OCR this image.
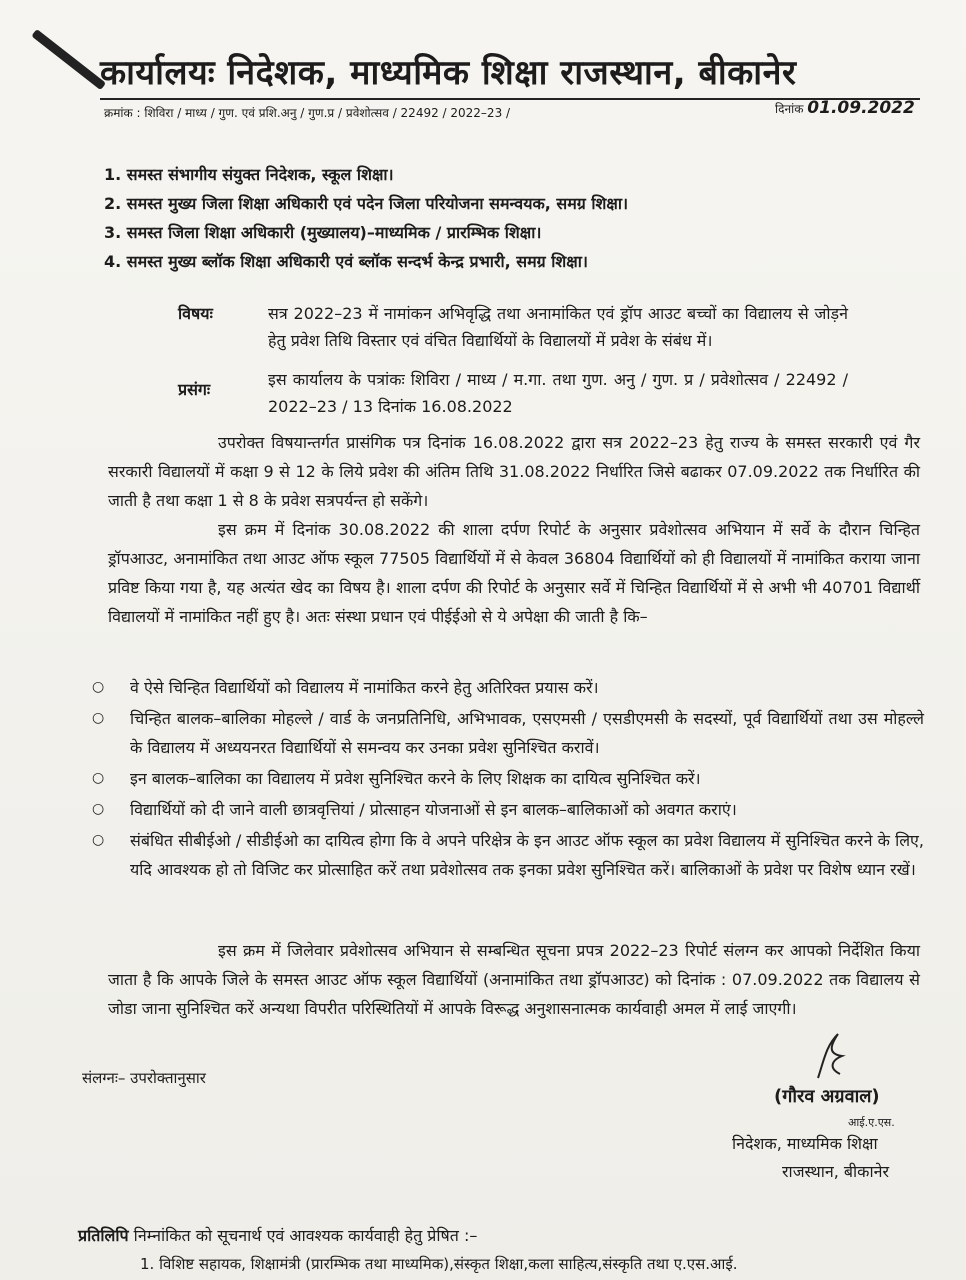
कार्यालयः निदेशक, माध्यमिक शिक्षा राजस्थान, बीकानेर
क्रमांक : शिविरा / माध्य / गुण. एवं प्रशि.अनु / गुण.प्र / प्रवेशोत्सव / 22492 / 2022–23 /	दिनांक 01.09.2022
1. समस्त संभागीय संयुक्त निदेशक, स्कूल शिक्षा।
2. समस्त मुख्य जिला शिक्षा अधिकारी एवं पदेन जिला परियोजना समन्वयक, समग्र शिक्षा।
3. समस्त जिला शिक्षा अधिकारी (मुख्यालय)–माध्यमिक / प्रारम्भिक शिक्षा।
4. समस्त मुख्य ब्लॉक शिक्षा अधिकारी एवं ब्लॉक सन्दर्भ केन्द्र प्रभारी, समग्र शिक्षा।
विषयः	सत्र 2022–23 में नामांकन अभिवृद्धि तथा अनामांकित एवं ड्रॉप आउट बच्चों का विद्यालय से जोड़ने हेतु प्रवेश तिथि विस्तार एवं वंचित विद्यार्थियों के विद्यालयों में प्रवेश के संबंध में।
प्रसंगः
इस कार्यालय के पत्रांकः शिविरा / माध्य / म.गा. तथा गुण. अनु / गुण. प्र / प्रवेशोत्सव / 22492 / 2022–23 / 13 दिनांक 16.08.2022

उपरोक्त विषयान्तर्गत प्रासंगिक पत्र दिनांक 16.08.2022 द्वारा सत्र 2022–23 हेतु राज्य के समस्त सरकारी एवं गैर सरकारी विद्यालयों में कक्षा 9 से 12 के लिये प्रवेश की अंतिम तिथि 31.08.2022 निर्धारित जिसे बढाकर 07.09.2022 तक निर्धारित की जाती है तथा कक्षा 1 से 8 के प्रवेश सत्रपर्यन्त हो सकेंगे।

इस क्रम में दिनांक 30.08.2022 की शाला दर्पण रिपोर्ट के अनुसार प्रवेशोत्सव अभियान में सर्वे के दौरान चिन्हित ड्रॉपआउट, अनामांकित तथा आउट ऑफ स्कूल 77505 विद्यार्थियों में से केवल 36804 विद्यार्थियों को ही विद्यालयों में नामांकित कराया जाना प्रविष्ट किया गया है, यह अत्यंत खेद का विषय है। शाला दर्पण की रिपोर्ट के अनुसार सर्वे में चिन्हित विद्यार्थियों में से अभी भी 40701 विद्यार्थी विद्यालयों में नामांकित नहीं हुए है। अतः संस्था प्रधान एवं पीईईओ से ये अपेक्षा की जाती है कि–

○ वे ऐसे चिन्हित विद्यार्थियों को विद्यालय में नामांकित करने हेतु अतिरिक्त प्रयास करें।
○ चिन्हित बालक–बालिका मोहल्ले / वार्ड के जनप्रतिनिधि, अभिभावक, एसएमसी / एसडीएमसी के सदस्यों, पूर्व विद्यार्थियों तथा उस मोहल्ले के विद्यालय में अध्ययनरत विद्यार्थियों से समन्वय कर उनका प्रवेश सुनिश्चित करावें।
○ इन बालक–बालिका का विद्यालय में प्रवेश सुनिश्चित करने के लिए शिक्षक का दायित्व सुनिश्चित करें।
○ विद्यार्थियों को दी जाने वाली छात्रवृत्तियां / प्रोत्साहन योजनाओं से इन बालक–बालिकाओं को अवगत कराएं।
○ संबंधित सीबीईओ / सीडीईओ का दायित्व होगा कि वे अपने परिक्षेत्र के इन आउट ऑफ स्कूल का प्रवेश विद्यालय में सुनिश्चित करने के लिए, यदि आवश्यक हो तो विजिट कर प्रोत्साहित करें तथा प्रवेशोत्सव तक इनका प्रवेश सुनिश्चित करें। बालिकाओं के प्रवेश पर विशेष ध्यान रखें।

इस क्रम में जिलेवार प्रवेशोत्सव अभियान से सम्बन्धित सूचना प्रपत्र 2022–23 रिपोर्ट संलग्न कर आपको निर्देशित किया जाता है कि आपके जिले के समस्त आउट ऑफ स्कूल विद्यार्थियों (अनामांकित तथा ड्रॉपआउट) को दिनांक : 07.09.2022 तक विद्यालय से जोडा जाना सुनिश्चित करें अन्यथा विपरीत परिस्थितियों में आपके विरूद्ध अनुशासनात्मक कार्यवाही अमल में लाई जाएगी।

संलग्नः– उपरोक्तानुसार
(गौरव अग्रवाल)
आई.ए.एस.
निदेशक, माध्यमिक शिक्षा
राजस्थान, बीकानेर
प्रतिलिपि निम्नांकित को सूचनार्थ एवं आवश्यक कार्यवाही हेतु प्रेषित :–
1. विशिष्ट सहायक, शिक्षामंत्री (प्रारम्भिक तथा माध्यमिक),संस्कृत शिक्षा,कला साहित्य,संस्कृति तथा ए.एस.आई.
